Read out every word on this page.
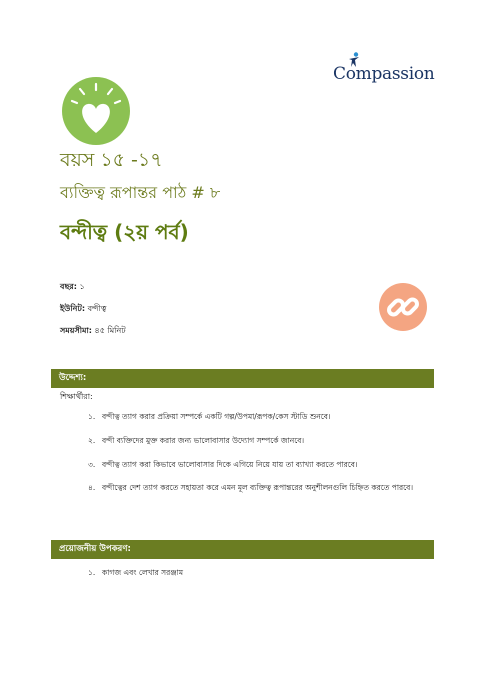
Compassion
বয়স ১৫ -১৭
ব্যক্তিত্ব রূপান্তর পাঠ # ৮
বন্দীত্ব (২য় পর্ব)
বছর: ১
ইউনিট: বন্দীত্ব
সময়সীমা: ৪৫ মিনিট
উদ্দেশ্য:
শিক্ষার্থীরা:
১. বন্দীত্ব ত্যাগ করার প্রক্রিয়া সম্পর্কে একটি গল্প/উপমা/রূপক/কেস স্টাডি শুনবে।
২. বন্দী ব্যক্তিদের মুক্ত করার জন্য ভালোবাসার উদ্যোগ সম্পর্কে জানবে।
৩. বন্দীত্ব ত্যাগ করা কিভাবে ভালোবাসার দিকে এগিয়ে নিয়ে যায় তা ব্যাখ্যা করতে পারবে।
৪. বন্দীত্বের দেশ ত্যাগ করতে সহায়তা করে এমন মূল ব্যক্তিত্ব রূপান্তরের অনুশীলনগুলি চিহ্নিত করতে পারবে।
প্রয়োজনীয় উপকরণ:
১. কাগজ এবং লেখার সরঞ্জাম
